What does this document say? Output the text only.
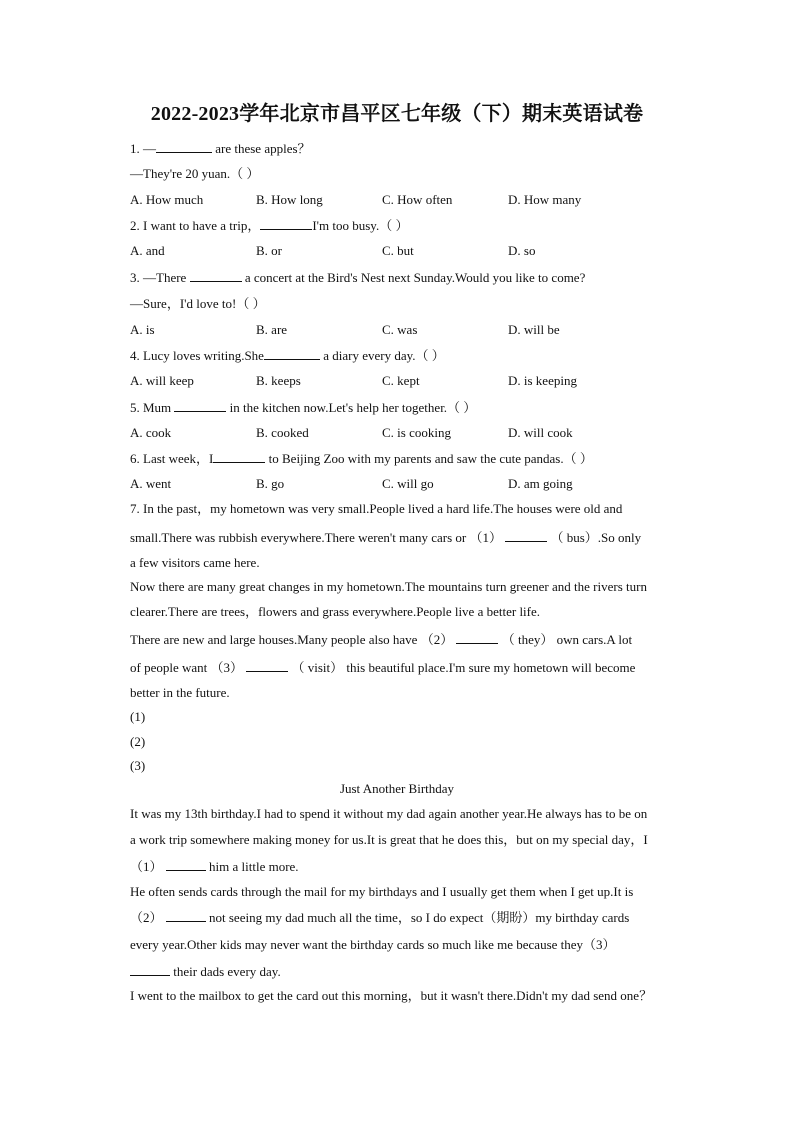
2022-2023学年北京市昌平区七年级（下）期末英语试卷
1. —	are these apples？
—They're 20 yuan.（ ）
A. How much	B. How long	C. How often	D. How many
2. I want to have a trip，	I'm too busy.（ ）
A. and	B. or	C. but	D. so
3. —There	a concert at the Bird's Nest next Sunday.Would you like to come?
—Sure，I'd love to!（ ）
A. is	B. are	C. was	D. will be
4. Lucy loves writing.She	a diary every day.（ ）
A. will keep	B. keeps	C. kept	D. is keeping
5. Mum	in the kitchen now.Let's help her together.（ ）
A. cook	B. cooked	C. is cooking	D. will cook
6. Last week，I	to Beijing Zoo with my parents and saw the cute pandas.（ ）
A. went	B. go	C. will go	D. am going
7. In the past，my hometown was very small.People lived a hard life.The houses were old and
small.There was rubbish everywhere.There weren't many cars or （1）	（ bus）.So only
a few visitors came here.
Now there are many great changes in my hometown.The mountains turn greener and the rivers turn
clearer.There are trees，flowers and grass everywhere.People live a better life.
There are new and large houses.Many people also have （2）	（ they） own cars.A lot
of people want （3）	（ visit） this beautiful place.I'm sure my hometown will become
better in the future.
(1)
(2)
(3)
Just Another Birthday
It was my 13th birthday.I had to spend it without my dad again another year.He always has to be on
a work trip somewhere making money for us.It is great that he does this，but on my special day，I
（1）	him a little more.
He often sends cards through the mail for my birthdays and I usually get them when I get up.It is
（2）	not seeing my dad much all the time，so I do expect（期盼）my birthday cards
every year.Other kids may never want the birthday cards so much like me because they（3）
their dads every day.
I went to the mailbox to get the card out this morning，but it wasn't there.Didn't my dad send one？
